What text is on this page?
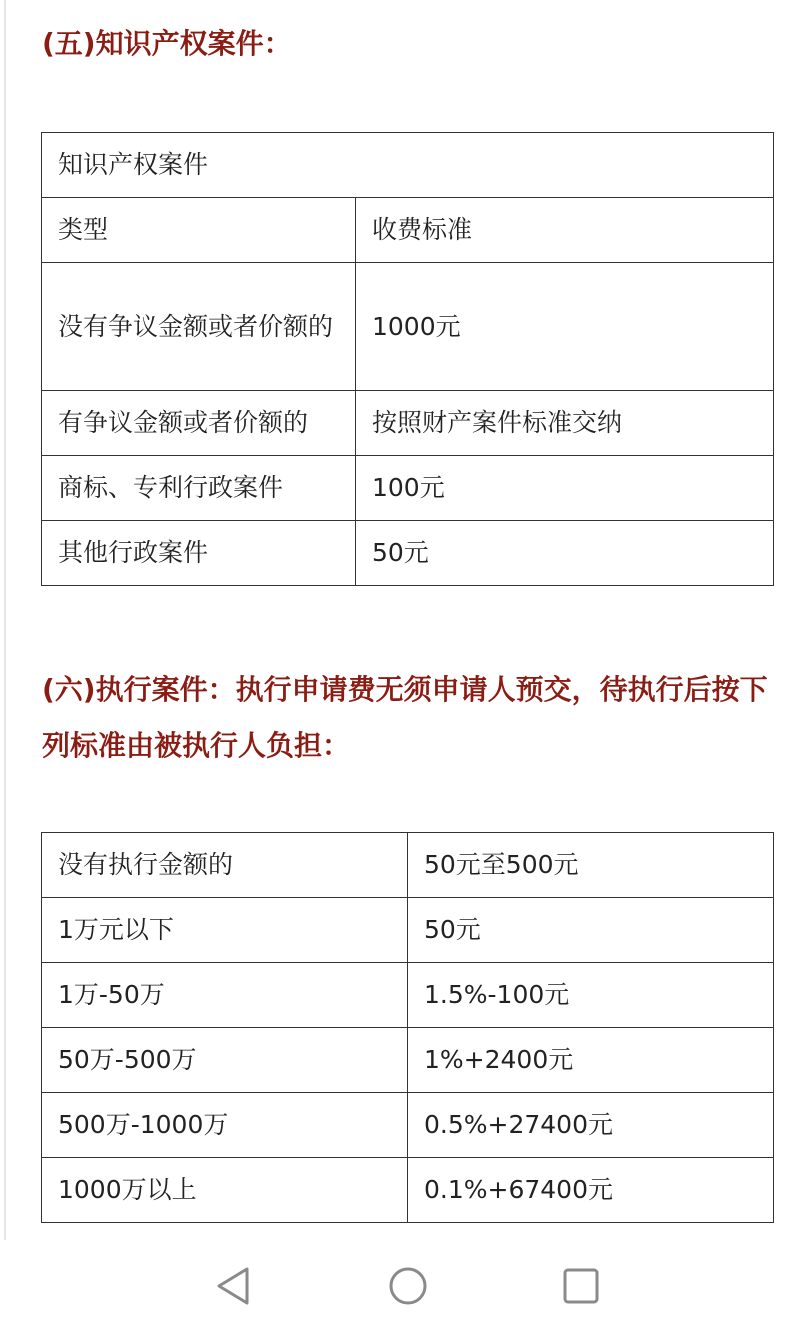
(五)知识产权案件：
知识产权案件	
类型	收费标准
没有争议金额或者价额的	1000元
有争议金额或者价额的	按照财产案件标准交纳
商标、专利行政案件	100元
其他行政案件	50元
(六)执行案件：执行申请费无须申请人预交，待执行后按下列标准由被执行人负担：
没有执行金额的	50元至500元
1万元以下	50元
1万-50万	1.5%-100元
50万-500万	1%+2400元
500万-1000万	0.5%+27400元
1000万以上	0.1%+67400元
